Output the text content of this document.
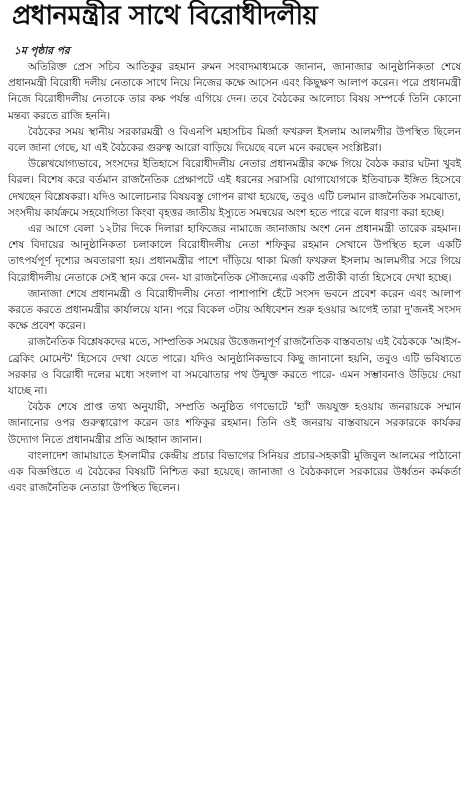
প্রধানমন্ত্রীর সাথে বিরোধীদলীয়
১ম পৃষ্ঠার পর

অতিরিক্ত প্রেস সচিব আতিকুর রহমান রুমন সংবাদমাধ্যমকে জানান, জানাজার আনুষ্ঠানিকতা শেষে প্রধানমন্ত্রী বিরোধী দলীয় নেতাকে সাথে নিয়ে নিজের কক্ষে আসেন এবং কিছুক্ষণ আলাপ করেন। পরে প্রধানমন্ত্রী নিজে বিরোধীদলীয় নেতাকে তার কক্ষ পর্যন্ত এগিয়ে দেন। তবে বৈঠকের আলোচ্য বিষয় সম্পর্কে তিনি কোনো মন্তব্য করতে রাজি হননি।

বৈঠকের সময় স্থানীয় সরকারমন্ত্রী ও বিএনপি মহাসচিব মির্জা ফখরুল ইসলাম আলমগীর উপস্থিত ছিলেন বলে জানা গেছে, যা এই বৈঠকের গুরুত্ব আরো বাড়িয়ে দিয়েছে বলে মনে করছেন সংশ্লিষ্টরা।

উল্লেখযোগ্যভাবে, সংসদের ইতিহাসে বিরোধীদলীয় নেতার প্রধানমন্ত্রীর কক্ষে গিয়ে বৈঠক করার ঘটনা খুবই বিরল। বিশেষ করে বর্তমান রাজনৈতিক প্রেক্ষাপটে এই ধরনের সরাসরি যোগাযোগকে ইতিবাচক ইঙ্গিত হিসেবে দেখছেন বিশ্লেষকরা। যদিও আলোচনার বিষয়বস্তু গোপন রাখা হয়েছে, তবুও এটি চলমান রাজনৈতিক সমঝোতা, সংসদীয় কার্যক্রমে সহযোগিতা কিংবা বৃহত্তর জাতীয় ইস্যুতে সমন্বয়ের অংশ হতে পারে বলে ধারণা করা হচ্ছে।

এর আগে বেলা ১২টার দিকে দিলারা হাফিজের নামাজে জানাজায় অংশ নেন প্রধানমন্ত্রী তারেক রহমান। শেষ বিদায়ের আনুষ্ঠানিকতা চলাকালে বিরোধীদলীয় নেতা শফিকুর রহমান সেখানে উপস্থিত হলে একটি তাৎপর্যপূর্ণ দৃশ্যের অবতারণা হয়। প্রধানমন্ত্রীর পাশে দাঁড়িয়ে থাকা মির্জা ফখরুল ইসলাম আলমগীর সরে গিয়ে বিরোধীদলীয় নেতাকে সেই স্থান করে দেন- যা রাজনৈতিক সৌজন্যের একটি প্রতীকী বার্তা হিসেবে দেখা হচ্ছে।

জানাজা শেষে প্রধানমন্ত্রী ও বিরোধীদলীয় নেতা পাশাপাশি হেঁটে সংসদ ভবনে প্রবেশ করেন এবং আলাপ করতে করতে প্রধানমন্ত্রীর কার্যালয়ে যান। পরে বিকেল ৩টায় অধিবেশন শুরু হওয়ার আগেই তারা দু'জনই সংসদ কক্ষে প্রবেশ করেন।

রাজনৈতিক বিশ্লেষকদের মতে, সাম্প্রতিক সময়ের উত্তেজনাপূর্ণ রাজনৈতিক বাস্তবতায় এই বৈঠককে 'আইস-ব্রেকিং মোমেন্ট' হিসেবে দেখা যেতে পারে। যদিও আনুষ্ঠানিকভাবে কিছু জানানো হয়নি, তবুও এটি ভবিষ্যতে সরকার ও বিরোধী দলের মধ্যে সংলাপ বা সমঝোতার পথ উন্মুক্ত করতে পারে- এমন সম্ভাবনাও উড়িয়ে দেয়া যাচ্ছে না।

বৈঠক শেষে প্রাপ্ত তথ্য অনুযায়ী, সম্প্রতি অনুষ্ঠিত গণভোটে 'হ্যাঁ' জয়যুক্ত হওয়ায় জনরায়কে সম্মান জানানোর ওপর গুরুত্বারোপ করেন ডাঃ শফিকুর রহমান। তিনি ওই জনরায় বাস্তবায়নে সরকারকে কার্যকর উদ্যোগ নিতে প্রধানমন্ত্রীর প্রতি আহ্বান জানান।

বাংলাদেশ জামায়াতে ইসলামীর কেন্দ্রীয় প্রচার বিভাগের সিনিয়র প্রচার-সহকারী মুজিবুল আলমের পাঠানো এক বিজ্ঞপ্তিতে এ বৈঠকের বিষয়টি নিশ্চিত করা হয়েছে। জানাজা ও বৈঠককালে সরকারের উর্ধ্বতন কর্মকর্তা এবং রাজনৈতিক নেতারা উপস্থিত ছিলেন।
